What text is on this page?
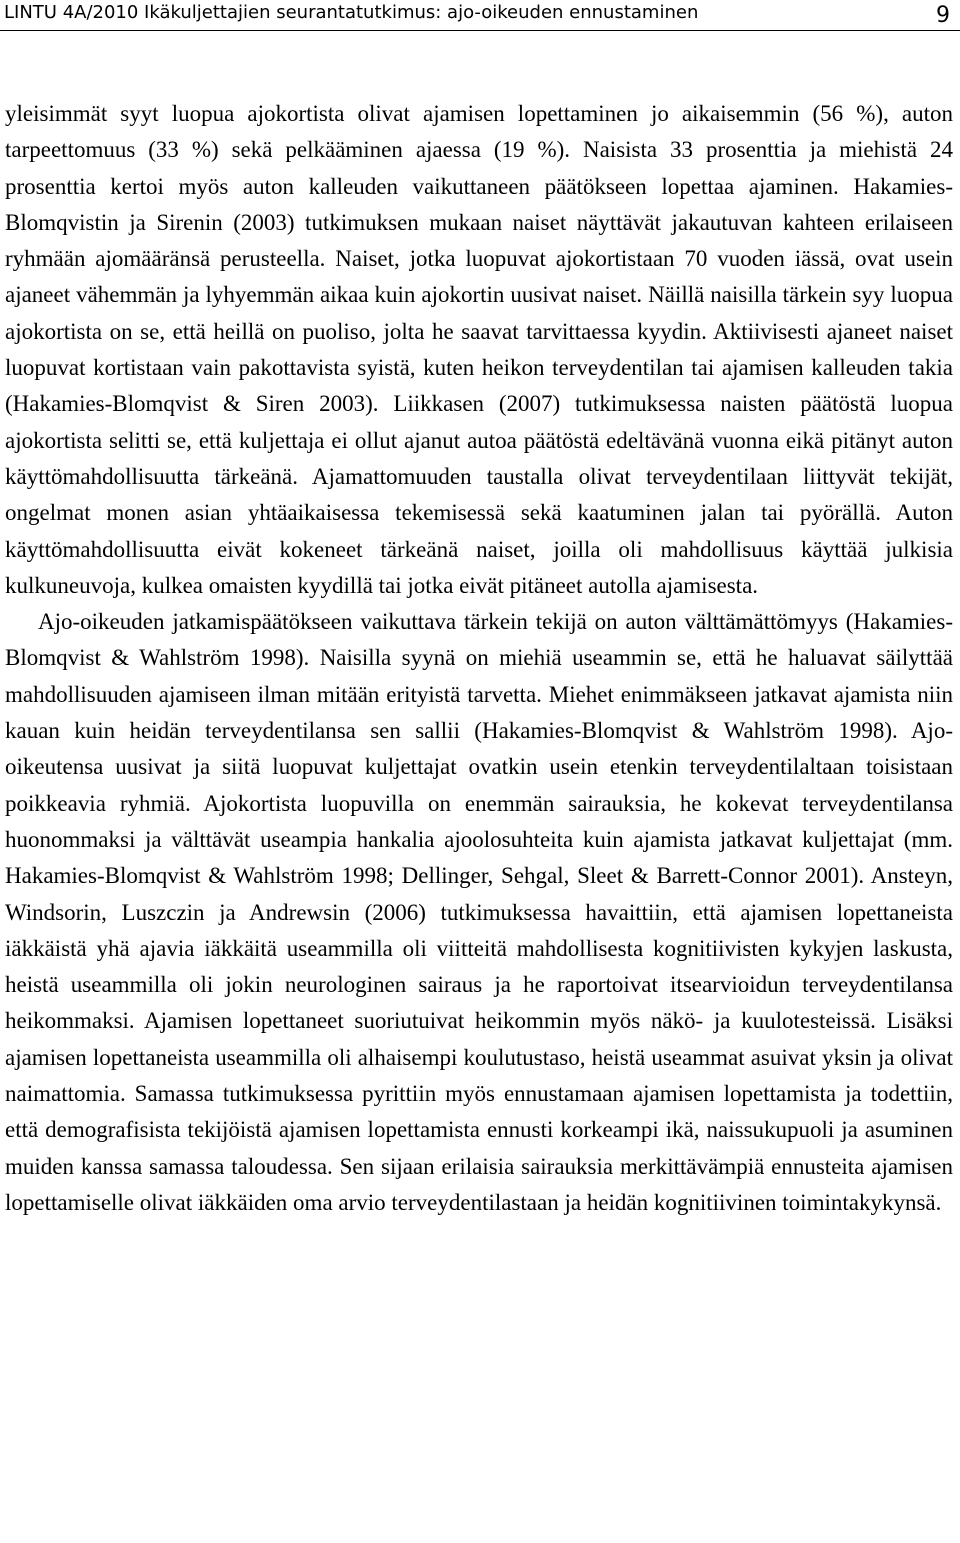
LINTU 4A/2010 Ikäkuljettajien seurantatutkimus: ajo-oikeuden ennustaminen	9

yleisimmät syyt luopua ajokortista olivat ajamisen lopettaminen jo aikaisemmin (56 %), auton tarpeettomuus (33 %) sekä pelkääminen ajaessa (19 %). Naisista 33 prosenttia ja miehistä 24 prosenttia kertoi myös auton kalleuden vaikuttaneen päätökseen lopettaa ajaminen. Hakamies-Blomqvistin ja Sirenin (2003) tutkimuksen mukaan naiset näyttävät jakautuvan kahteen erilaiseen ryhmään ajomääränsä perusteella. Naiset, jotka luopuvat ajokortistaan 70 vuoden iässä, ovat usein ajaneet vähemmän ja lyhyemmän aikaa kuin ajokortin uusivat naiset. Näillä naisilla tärkein syy luopua ajokortista on se, että heillä on puoliso, jolta he saavat tarvittaessa kyydin. Aktiivisesti ajaneet naiset luopuvat kortistaan vain pakottavista syistä, kuten heikon terveydentilan tai ajamisen kalleuden takia (Hakamies-Blomqvist & Siren 2003). Liikkasen (2007) tutkimuksessa naisten päätöstä luopua ajokortista selitti se, että kuljettaja ei ollut ajanut autoa päätöstä edeltävänä vuonna eikä pitänyt auton käyttömahdollisuutta tärkeänä. Ajamattomuuden taustalla olivat terveydentilaan liittyvät tekijät, ongelmat monen asian yhtäaikaisessa tekemisessä sekä kaatuminen jalan tai pyörällä. Auton käyttömahdollisuutta eivät kokeneet tärkeänä naiset, joilla oli mahdollisuus käyttää julkisia kulkuneuvoja, kulkea omaisten kyydillä tai jotka eivät pitäneet autolla ajamisesta.

Ajo-oikeuden jatkamispäätökseen vaikuttava tärkein tekijä on auton välttämättömyys (Hakamies-Blomqvist & Wahlström 1998). Naisilla syynä on miehiä useammin se, että he haluavat säilyttää mahdollisuuden ajamiseen ilman mitään erityistä tarvetta. Miehet enimmäkseen jatkavat ajamista niin kauan kuin heidän terveydentilansa sen sallii (Hakamies-Blomqvist & Wahlström 1998). Ajooikeutensa uusivat ja siitä luopuvat kuljettajat ovatkin usein etenkin terveydentilaltaan toisistaan poikkeavia ryhmiä. Ajokortista luopuvilla on enemmän sairauksia, he kokevat terveydentilansa huonommaksi ja välttävät useampia hankalia ajoolosuhteita kuin ajamista jatkavat kuljettajat (mm. Hakamies-Blomqvist & Wahlström 1998; Dellinger, Sehgal, Sleet & Barrett-Connor 2001). Ansteyn, Windsorin, Luszczin ja Andrewsin (2006) tutkimuksessa havaittiin, että ajamisen lopettaneista iäkkäistä yhä ajavia iäkkäitä useammilla oli viitteitä mahdollisesta kognitiivisten kykyjen laskusta, heistä useammilla oli jokin neurologinen sairaus ja he raportoivat itsearvioidun terveydentilansa heikommaksi. Ajamisen lopettaneet suoriutuivat heikommin myös näkö- ja kuulotesteissä. Lisäksi ajamisen lopettaneista useammilla oli alhaisempi koulutustaso, heistä useammat asuivat yksin ja olivat naimattomia. Samassa tutkimuksessa pyrittiin myös ennustamaan ajamisen lopettamista ja todettiin, että demografisista tekijöistä ajamisen lopettamista ennusti korkeampi ikä, naissukupuoli ja asuminen muiden kanssa samassa taloudessa. Sen sijaan erilaisia sairauksia merkittävämpiä ennusteita ajamisen lopettamiselle olivat iäkkäiden oma arvio terveydentilastaan ja heidän kognitiivinen toimintakykynsä.
